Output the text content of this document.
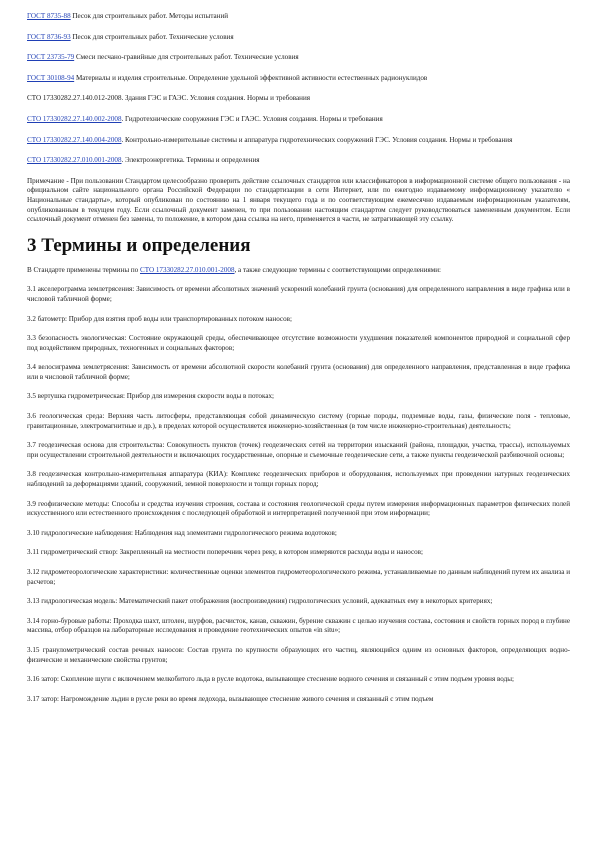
ГОСТ 8735-88 Песок для строительных работ. Методы испытаний

ГОСТ 8736-93 Песок для строительных работ. Технические условия

ГОСТ 23735-79 Смеси песчано-гравийные для строительных работ. Технические условия

ГОСТ 30108-94 Материалы и изделия строительные. Определение удельной эффективной активности естественных радионуклидов

СТО 17330282.27.140.012-2008. Здания ГЭС и ГАЭС. Условия создания. Нормы и требования

СТО 17330282.27.140.002-2008. Гидротехнические сооружения ГЭС и ГАЭС. Условия создания. Нормы и требования

СТО 17330282.27.140.004-2008. Контрольно-измерительные системы и аппаратура гидротехнических сооружений ГЭС. Условия создания. Нормы и требования

СТО 17330282.27.010.001-2008. Электроэнергетика. Термины и определения

Примечание - При пользовании Стандартом целесообразно проверить действие ссылочных стандартов или классификаторов в информационной системе общего пользования - на официальном сайте национального органа Российской Федерации по стандартизации в сети Интернет, или по ежегодно издаваемому информационному указателю « Национальные стандарты», который опубликован по состоянию на 1 января текущего года и по соответствующим ежемесячно издаваемым информационным указателям, опубликованным в текущем году. Если ссылочный документ заменен, то при пользовании настоящим стандартом следует руководствоваться замененным документом. Если ссылочный документ отменен без замены, то положение, в котором дана ссылка на него, применяется в части, не затрагивающей эту ссылку.

3 Термины и определения

В Стандарте применены термины по СТО 17330282.27.010.001-2008, а также следующие термины с соответствующими определениями:

3.1 акселерограмма землетрясения: Зависимость от времени абсолютных значений ускорений колебаний грунта (основания) для определенного направления в виде графика или в числовой табличной форме;

3.2 батометр: Прибор для взятия проб воды или транспортированных потоком наносов;

3.3 безопасность экологическая: Состояние окружающей среды, обеспечивающее отсутствие возможности ухудшения показателей компонентов природной и социальной сфер под воздействием природных, техногенных и социальных факторов;

3.4 велосиграмма землетрясения: Зависимость от времени абсолютной скорости колебаний грунта (основания) для определенного направления, представленная в виде графика или в числовой табличной форме;

3.5 вертушка гидрометрическая: Прибор для измерения скорости воды в потоках;

3.6 геологическая среда: Верхняя часть литосферы, представляющая собой динамическую систему (горные породы, подземные воды, газы, физические поля - тепловые, гравитационные, электромагнитные и др.), в пределах которой осуществляется инженерно-хозяйственная (в том числе инженерно-строительная) деятельность;

3.7 геодезическая основа для строительства: Совокупность пунктов (точек) геодезических сетей на территории изысканий (района, площадки, участка, трассы), используемых при осуществлении строительной деятельности и включающих государственные, опорные и съемочные геодезические сети, а также пункты геодезической разбивочной основы;

3.8 геодезическая контрольно-измерительная аппаратура (КИА): Комплекс геодезических приборов и оборудования, используемых при проведении натурных геодезических наблюдений за деформациями зданий, сооружений, земной поверхности и толщи горных пород;

3.9 геофизические методы: Способы и средства изучения строения, состава и состояния геологической среды путем измерения информационных параметров физических полей искусственного или естественного происхождения с последующей обработкой и интерпретацией полученной при этом информации;

3.10 гидрологические наблюдения: Наблюдения над элементами гидрологического режима водотоков;

3.11 гидрометрический створ: Закрепленный на местности поперечник через реку, в котором измеряются расходы воды и наносов;

3.12 гидрометеорологические характеристики: количественные оценки элементов гидрометеорологического режима, устанавливаемые по данным наблюдений путем их анализа и расчетов;

3.13 гидрологическая модель: Математический пакет отображения (воспроизведения) гидрологических условий, адекватных ему в некоторых критериях;

3.14 горно-буровые работы: Проходка шахт, штолен, шурфов, расчисток, канав, скважин, бурение скважин с целью изучения состава, состояния и свойств горных пород в глубине массива, отбор образцов на лабораторные исследования и проведение геотехнических опытов «in situ»;

3.15 гранулометрический состав речных наносов: Состав грунта по крупности образующих его частиц, являющийся одним из основных факторов, определяющих водно-физические и механические свойства грунтов;

3.16 затор: Скопление шуги с включением мелкобитого льда в русле водотока, вызывающее стеснение водного сечения и связанный с этим подъем уровня воды;

3.17 затор: Нагромождение льдин в русле реки во время ледохода, вызывающее стеснение живого сечения и связанный с этим подъем
